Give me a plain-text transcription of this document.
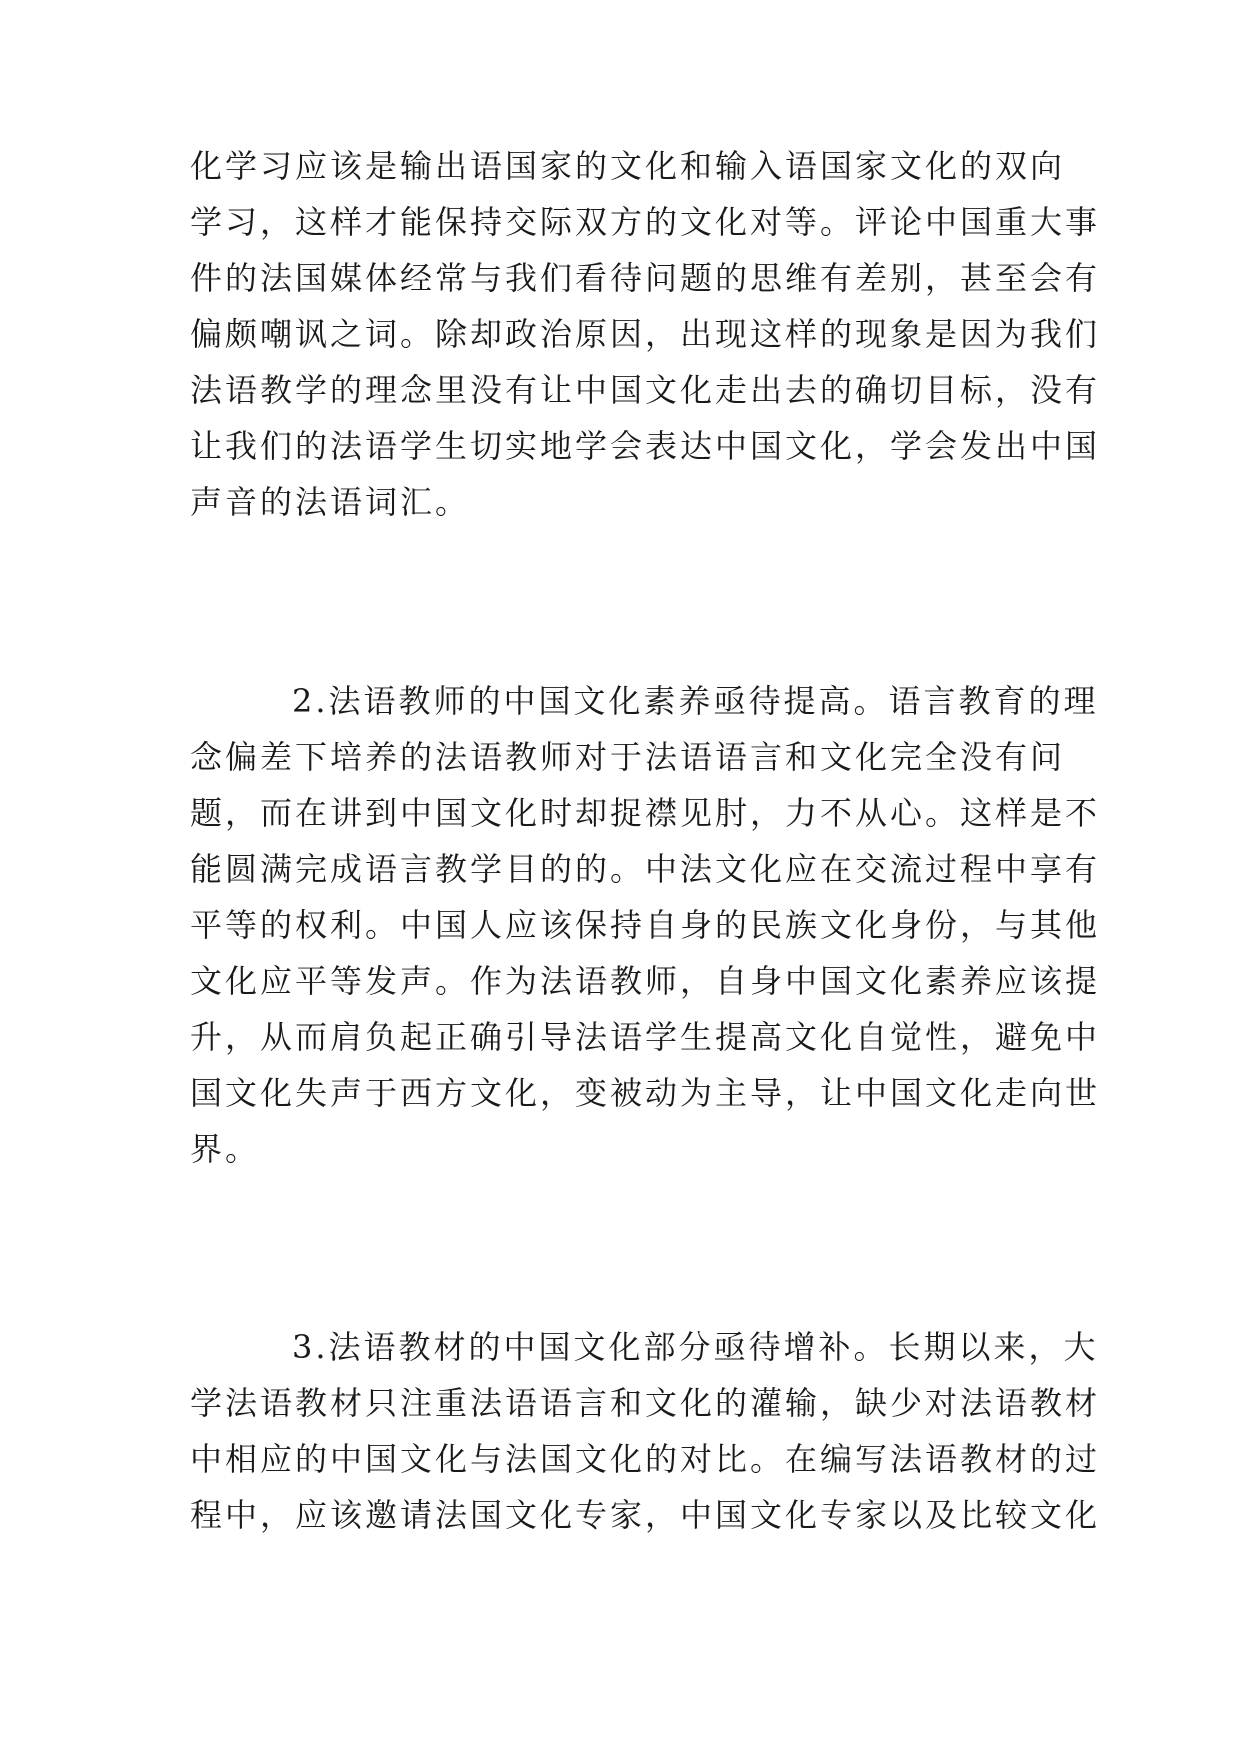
化学习应该是输出语国家的文化和输入语国家文化的双向
学习，这样才能保持交际双方的文化对等。评论中国重大事
件的法国媒体经常与我们看待问题的思维有差别，甚至会有
偏颇嘲讽之词。除却政治原因，出现这样的现象是因为我们
法语教学的理念里没有让中国文化走出去的确切目标，没有
让我们的法语学生切实地学会表达中国文化，学会发出中国
声音的法语词汇。
2.法语教师的中国文化素养亟待提高。语言教育的理
念偏差下培养的法语教师对于法语语言和文化完全没有问
题，而在讲到中国文化时却捉襟见肘，力不从心。这样是不
能圆满完成语言教学目的的。中法文化应在交流过程中享有
平等的权利。中国人应该保持自身的民族文化身份，与其他
文化应平等发声。作为法语教师，自身中国文化素养应该提
升，从而肩负起正确引导法语学生提高文化自觉性，避免中
国文化失声于西方文化，变被动为主导，让中国文化走向世
界。
3.法语教材的中国文化部分亟待增补。长期以来，大
学法语教材只注重法语语言和文化的灌输，缺少对法语教材
中相应的中国文化与法国文化的对比。在编写法语教材的过
程中，应该邀请法国文化专家，中国文化专家以及比较文化
